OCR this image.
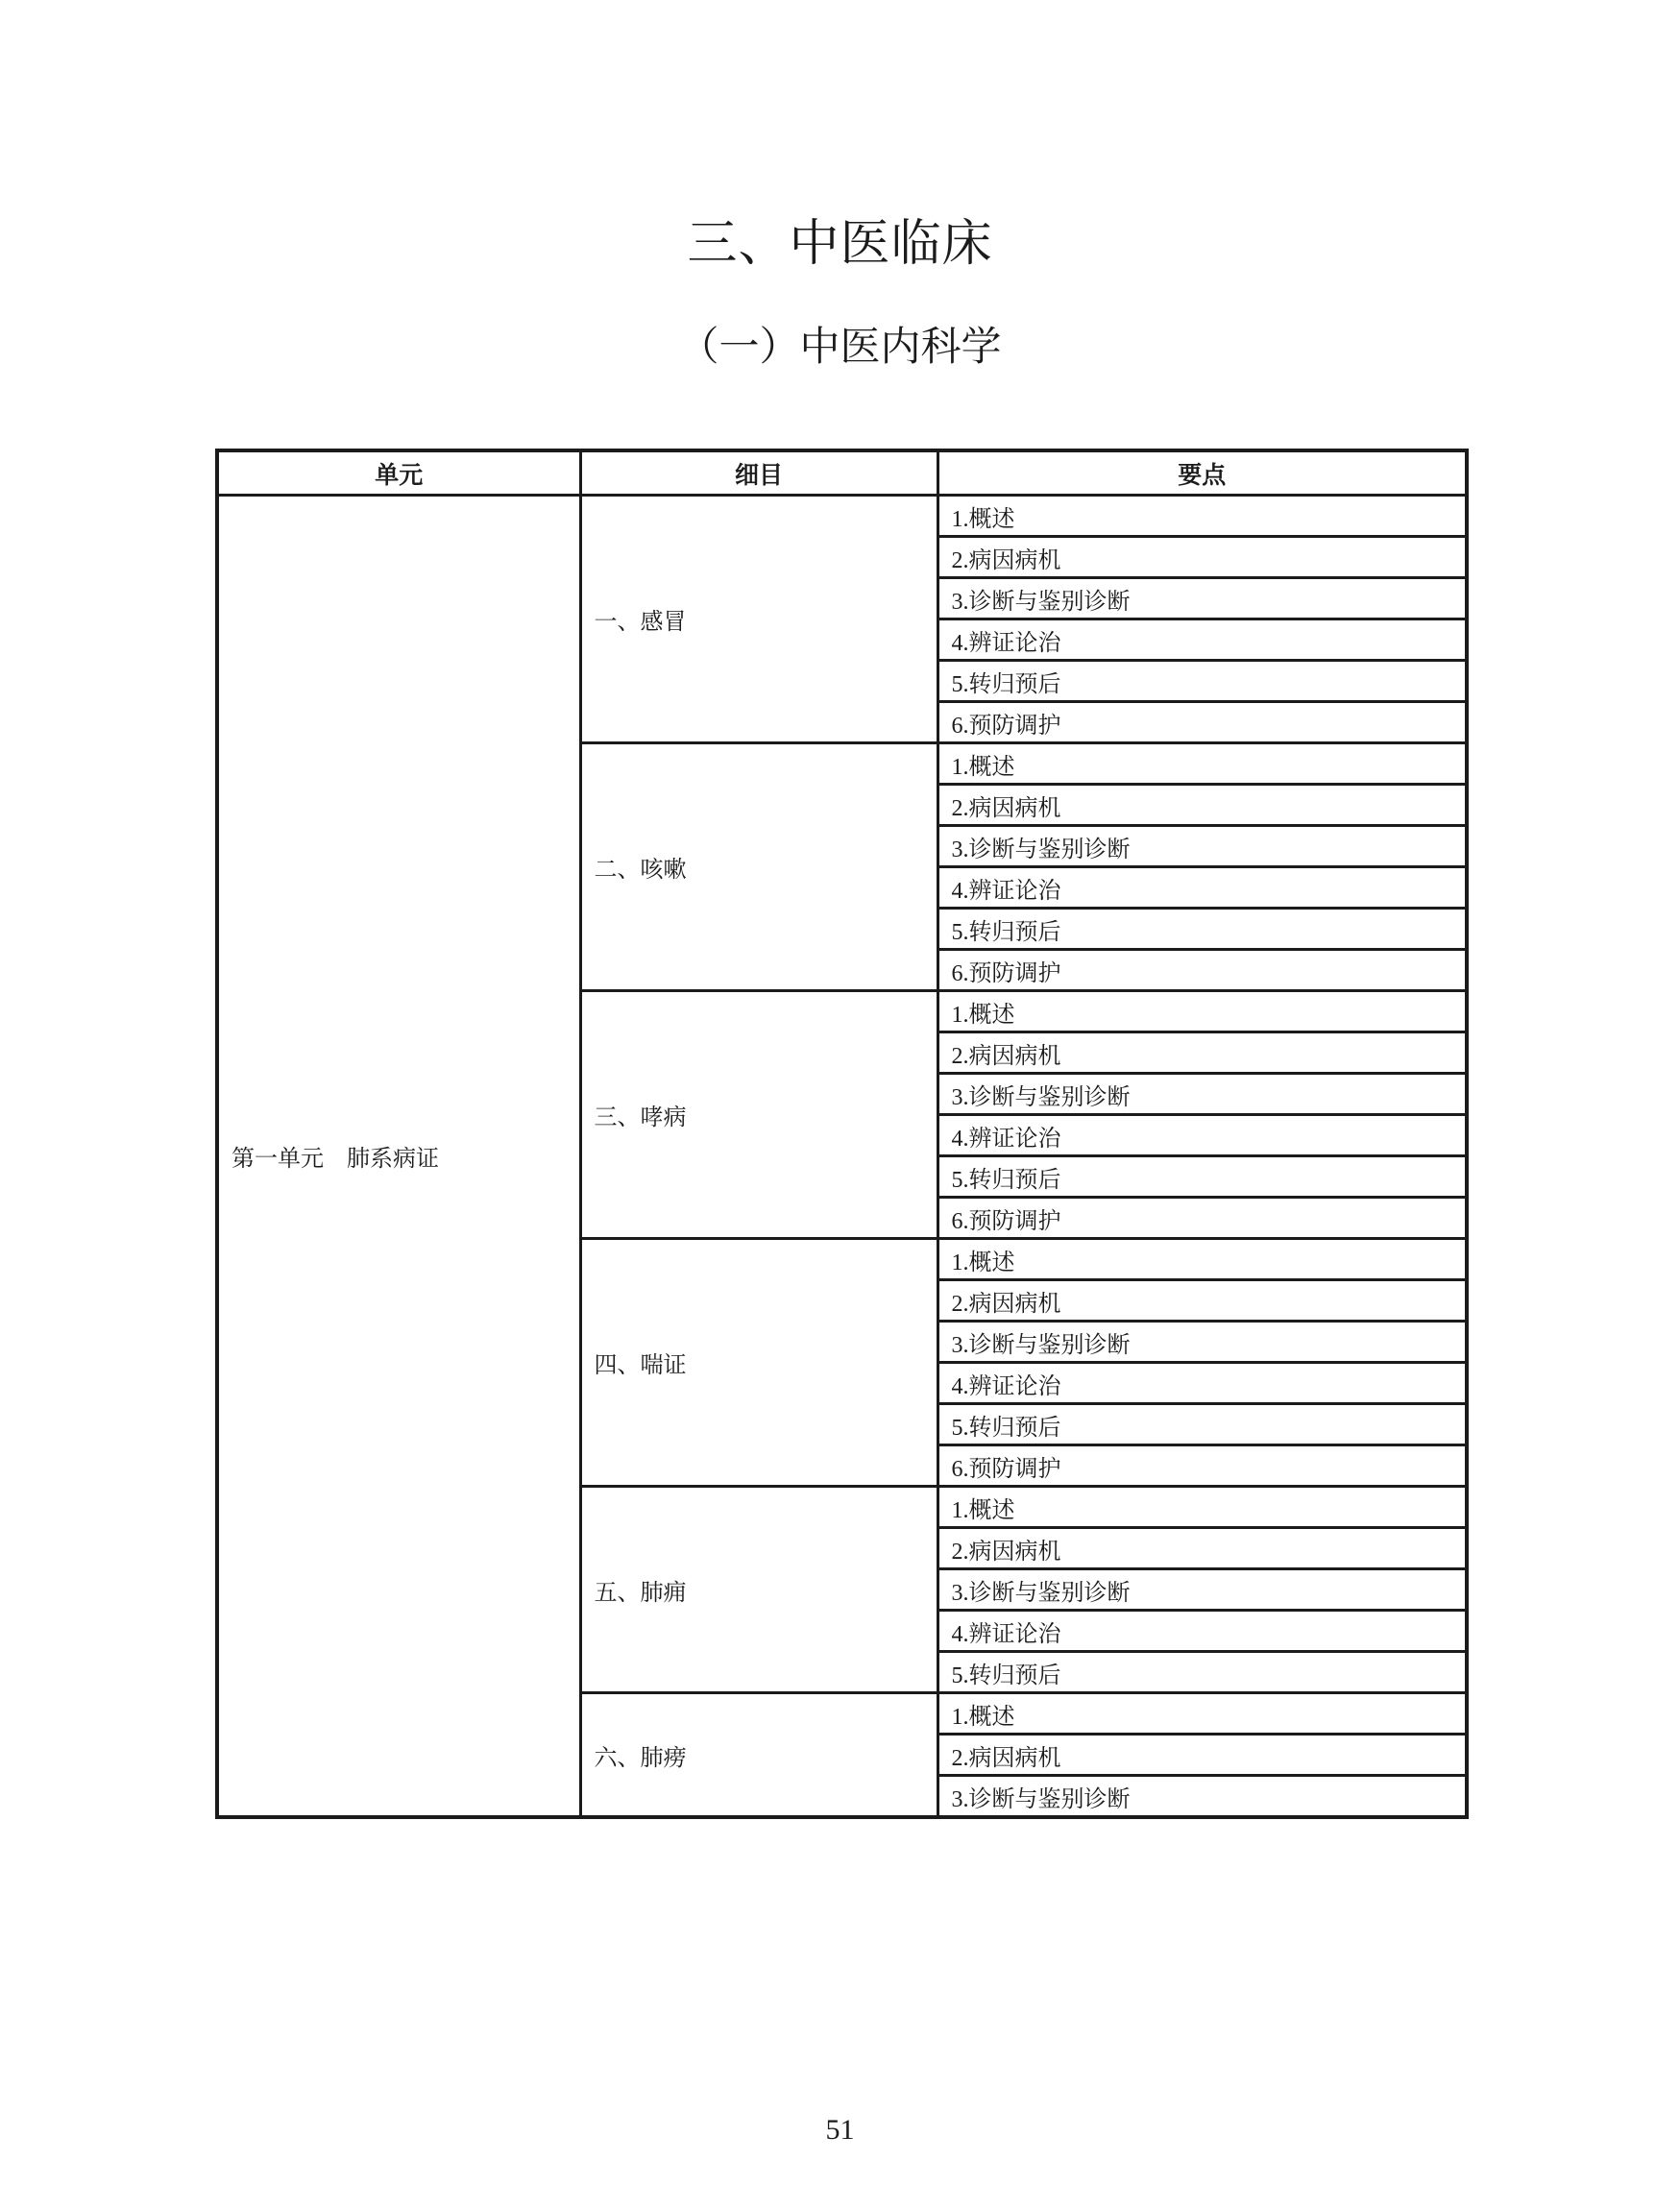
三、中医临床
（一）中医内科学
单元	细目	要点
第一单元　肺系病证	一、感冒	1.概述
		2.病因病机
		3.诊断与鉴别诊断
		4.辨证论治
		5.转归预后
		6.预防调护
	二、咳嗽	1.概述
		2.病因病机
		3.诊断与鉴别诊断
		4.辨证论治
		5.转归预后
		6.预防调护
	三、哮病	1.概述
		2.病因病机
		3.诊断与鉴别诊断
		4.辨证论治
		5.转归预后
		6.预防调护
	四、喘证	1.概述
		2.病因病机
		3.诊断与鉴别诊断
		4.辨证论治
		5.转归预后
		6.预防调护
	五、肺痈	1.概述
		2.病因病机
		3.诊断与鉴别诊断
		4.辨证论治
		5.转归预后
	六、肺痨	1.概述
		2.病因病机
		3.诊断与鉴别诊断
51
